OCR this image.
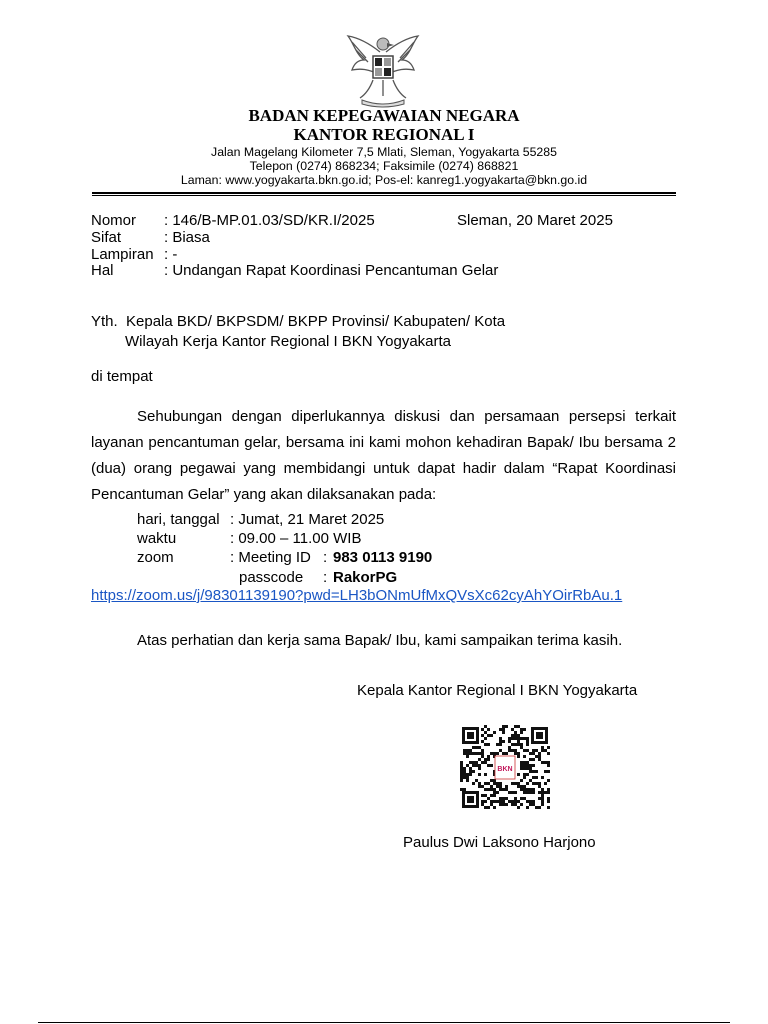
BADAN KEPEGAWAIAN NEGARA
KANTOR REGIONAL I
Jalan Magelang Kilometer 7,5 Mlati, Sleman, Yogyakarta 55285
Telepon (0274) 868234; Faksimile (0274) 868821
Laman: www.yogyakarta.bkn.go.id; Pos-el: kanreg1.yogyakarta@bkn.go.id
Nomor : 146/B-MP.01.03/SD/KR.I/2025	Sleman, 20 Maret 2025
Sifat	: Biasa
Lampiran : -
Hal	: Undangan Rapat Koordinasi Pencantuman Gelar
Yth.  Kepala BKD/ BKPSDM/ BKPP Provinsi/ Kabupaten/ Kota
Wilayah Kerja Kantor Regional I BKN Yogyakarta
di tempat
Sehubungan dengan diperlukannya diskusi dan persamaan persepsi terkait layanan pencantuman gelar, bersama ini kami mohon kehadiran Bapak/ Ibu bersama 2 (dua) orang pegawai yang membidangi untuk dapat hadir dalam “Rapat Koordinasi Pencantuman Gelar” yang akan dilaksanakan pada:
hari, tanggal : Jumat, 21 Maret 2025
waktu	: 09.00 – 11.00 WIB
zoom	: Meeting ID : 983 0113 9190
passcode : RakorPG
https://zoom.us/j/98301139190?pwd=LH3bONmUfMxQVsXc62cyAhYOirRbAu.1
Atas perhatian dan kerja sama Bapak/ Ibu, kami sampaikan terima kasih.
Kepala Kantor Regional I BKN Yogyakarta
BKN
Paulus Dwi Laksono Harjono
